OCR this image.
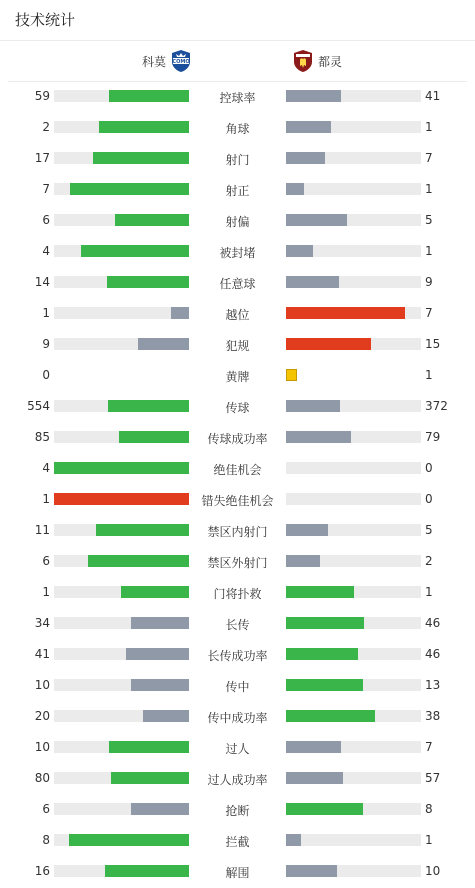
技术统计
科莫 COMO	都灵
59	控球率	41
2	角球	1
17	射门	7
7	射正	1
6	射偏	5
4	被封堵	1
14	任意球	9
1	越位	7
9	犯规	15
0	黄牌	1
554	传球	372
85	传球成功率	79
4	绝佳机会	0
1	错失绝佳机会	0
11	禁区内射门	5
6	禁区外射门	2
1	门将扑救	1
34	长传	46
41	长传成功率	46
10	传中	13
20	传中成功率	38
10	过人	7
80	过人成功率	57
6	抢断	8
8	拦截	1
16	解围	10
